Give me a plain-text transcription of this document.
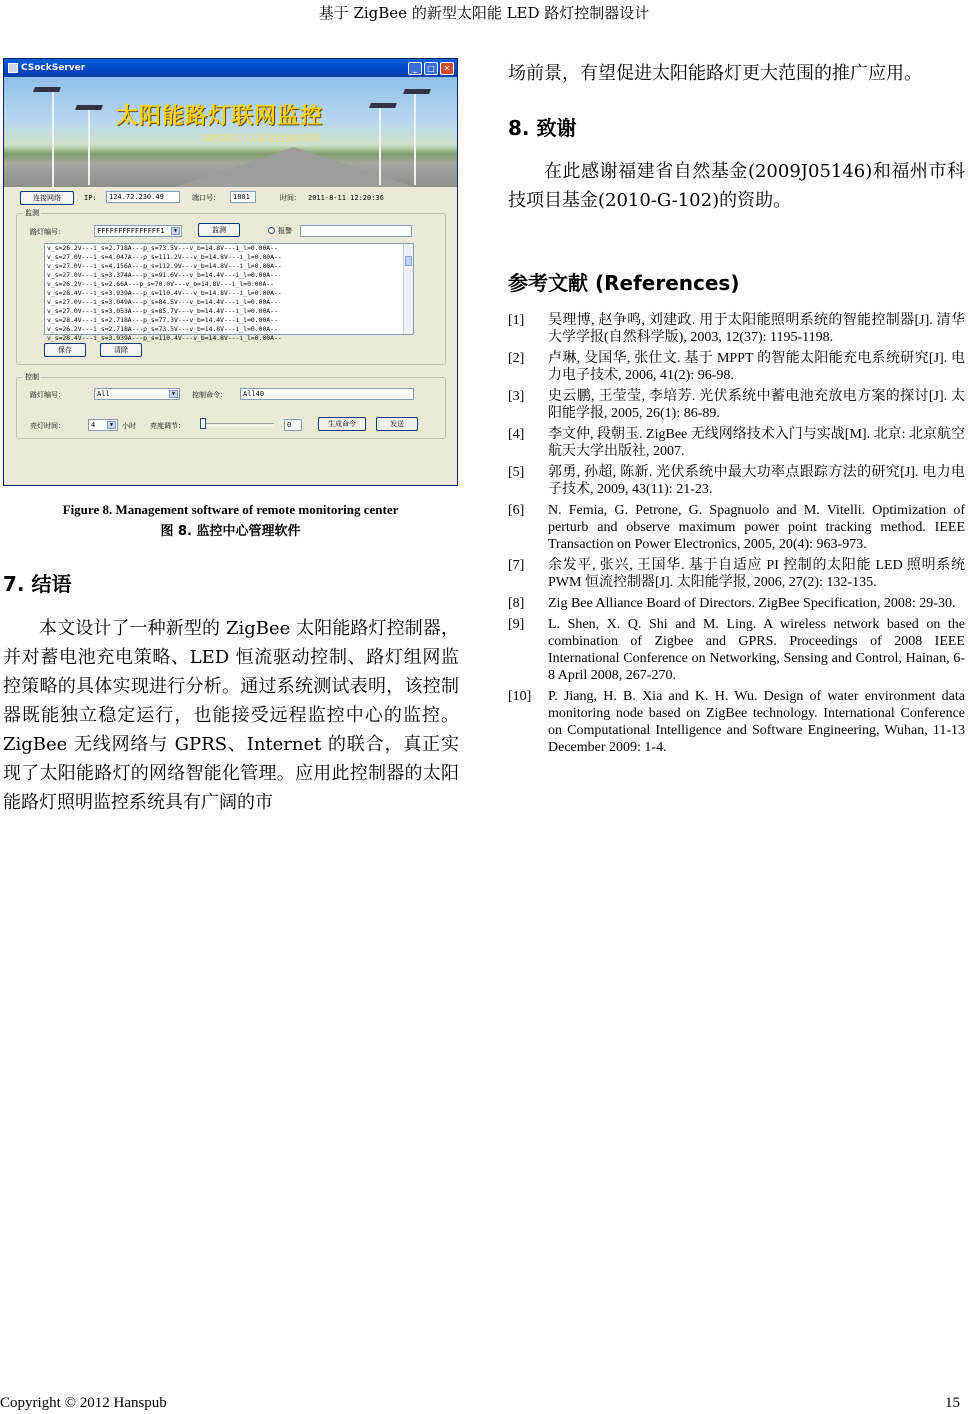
基于 ZigBee 的新型太阳能 LED 路灯控制器设计
CSockServer	_	□	✕
太阳能路灯联网监控
微纳器件与太阳能电池研究所
连接网络	IP:	124.72.230.49	端口号：	1001	时间： 2011-8-11 12:20:36
监测
路灯编号：	FFFFFFFFFFFFFFF1	▼	监测	报警
v_s=26.2V---i_s=2.718A---p_s=73.5V---v_b=14.8V---i_l=0.00A--
v_s=27.0V---i_s=4.047A---p_s=111.2V---v_b=14.8V---i_l=0.00A--
v_s=27.0V---i_s=4.156A---p_s=112.9V---v_b=14.8V---i_l=0.00A--
v_s=27.0V---i_s=3.374A---p_s=91.6V---v_b=14.4V---i_l=0.00A--
v_s=26.2V---i_s=2.66A---p_s=70.0V---v_b=14.8V---i_l=0.00A--
v_s=28.4V---i_s=3.939A---p_s=110.4V---v_b=14.8V---i_l=0.00A--
v_s=27.0V---i_s=3.049A---p_s=84.5V---v_b=14.4V---i_l=0.00A--
v_s=27.0V---i_s=3.053A---p_s=85.7V---v_b=14.4V---i_l=0.00A--
v_s=28.4V---i_s=2.718A---p_s=77.3V---v_b=14.4V---i_l=0.00A--
v_s=26.2V---i_s=2.718A---p_s=73.5V---v_b=14.8V---i_l=0.00A--
v_s=28.4V---i_s=3.939A---p_s=110.4V---v_b=14.8V---i_l=0.00A--
保存	清除
控制
路灯编号：	All	▼	控制命令：	All40
亮灯时间：	4	▼	小时 亮度调节：	0	生成命令	发送
Figure 8. Management software of remote monitoring center
图 8. 监控中心管理软件
7. 结语
本文设计了一种新型的 ZigBee 太阳能路灯控制器，并对蓄电池充电策略、LED 恒流驱动控制、路灯组网监控策略的具体实现进行分析。通过系统测试表明，该控制器既能独立稳定运行，也能接受远程监控中心的监控。ZigBee 无线网络与 GPRS、Internet 的联合，真正实现了太阳能路灯的网络智能化管理。应用此控制器的太阳能路灯照明监控系统具有广阔的市
场前景，有望促进太阳能路灯更大范围的推广应用。
8. 致谢
在此感谢福建省自然基金(2009J05146)和福州市科技项目基金(2010-G-102)的资助。
参考文献 (References)
[1]	吴理博, 赵争鸣, 刘建政. 用于太阳能照明系统的智能控制器[J]. 清华大学学报(自然科学版), 2003, 12(37): 1195-1198.
[2]	卢琳, 殳国华, 张仕文. 基于 MPPT 的智能太阳能充电系统研究[J]. 电力电子技术, 2006, 41(2): 96-98.
[3]	史云鹏, 王莹莹, 李培芳. 光伏系统中蓄电池充放电方案的探讨[J]. 太阳能学报, 2005, 26(1): 86-89.
[4]	李文仲, 段朝玉. ZigBee 无线网络技术入门与实战[M]. 北京: 北京航空航天大学出版社, 2007.
[5]	郭勇, 孙超, 陈新. 光伏系统中最大功率点跟踪方法的研究[J]. 电力电子技术, 2009, 43(11): 21-23.
[6]	N. Femia, G. Petrone, G. Spagnuolo and M. Vitelli. Optimization of perturb and observe maximum power point tracking method. IEEE Transaction on Power Electronics, 2005, 20(4): 963-973.
[7]	余发平, 张兴, 王国华. 基于自适应 PI 控制的太阳能 LED 照明系统 PWM 恒流控制器[J]. 太阳能学报, 2006, 27(2): 132-135.
[8]	Zig Bee Alliance Board of Directors. ZigBee Specification, 2008: 29-30.
[9]	L. Shen, X. Q. Shi and M. Ling. A wireless network based on the combination of Zigbee and GPRS. Proceedings of 2008 IEEE International Conference on Networking, Sensing and Control, Hainan, 6-8 April 2008, 267-270.
[10]	P. Jiang, H. B. Xia and K. H. Wu. Design of water environment data monitoring node based on ZigBee technology. International Conference on Computational Intelligence and Software Engineering, Wuhan, 11-13 December 2009: 1-4.
Copyright © 2012 Hanspub	15
